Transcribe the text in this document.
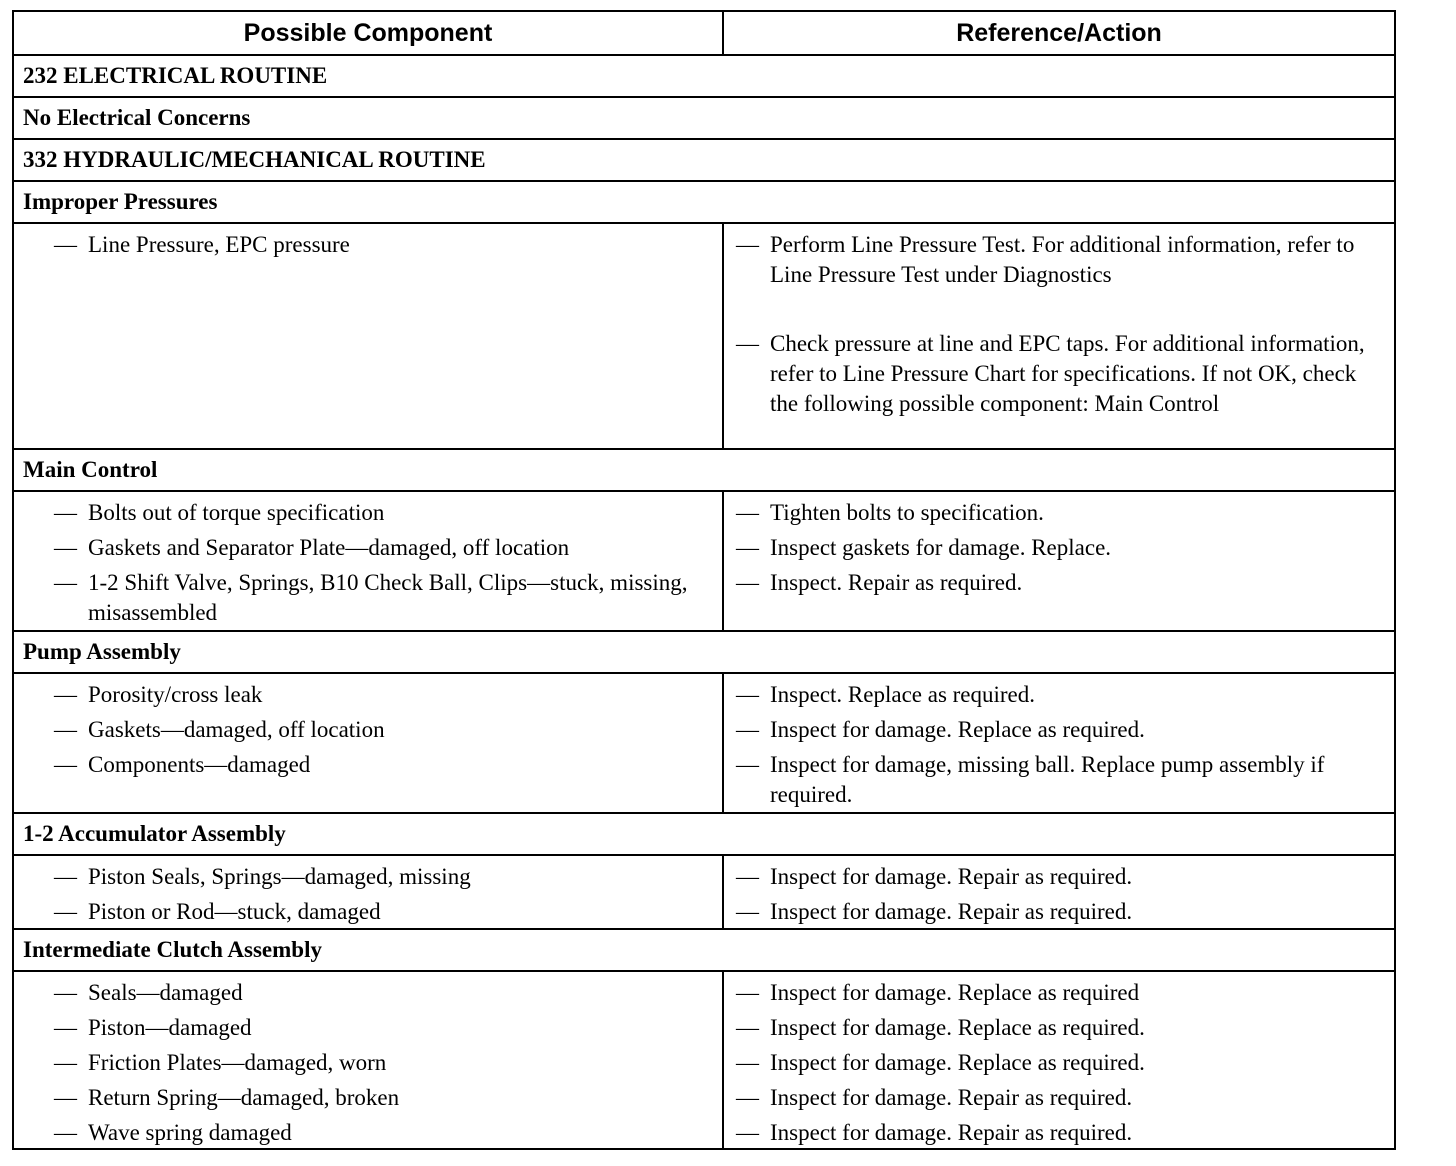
Possible Component	Reference/Action
232 ELECTRICAL ROUTINE
No Electrical Concerns
332 HYDRAULIC/MECHANICAL ROUTINE
Improper Pressures
— Line Pressure, EPC pressure	— Perform Line Pressure Test. For additional information, refer to Line Pressure Test under Diagnostics
— Check pressure at line and EPC taps. For additional information, refer to Line Pressure Chart for specifications. If not OK, check the following possible component: Main Control
Main Control
— Bolts out of torque specification
— Gaskets and Separator Plate—damaged, off location
— 1-2 Shift Valve, Springs, B10 Check Ball, Clips—stuck, missing, misassembled
— Tighten bolts to specification.
— Inspect gaskets for damage. Replace.
— Inspect. Repair as required.
Pump Assembly
— Porosity/cross leak
— Gaskets—damaged, off location
— Components—damaged
— Inspect. Replace as required.
— Inspect for damage. Replace as required.
— Inspect for damage, missing ball. Replace pump assembly if required.
1-2 Accumulator Assembly
— Piston Seals, Springs—damaged, missing
— Piston or Rod—stuck, damaged
— Inspect for damage. Repair as required.
— Inspect for damage. Repair as required.
Intermediate Clutch Assembly
— Seals—damaged
— Piston—damaged
— Friction Plates—damaged, worn
— Return Spring—damaged, broken
— Wave spring damaged
— Inspect for damage. Replace as required
— Inspect for damage. Replace as required.
— Inspect for damage. Replace as required.
— Inspect for damage. Repair as required.
— Inspect for damage. Repair as required.
